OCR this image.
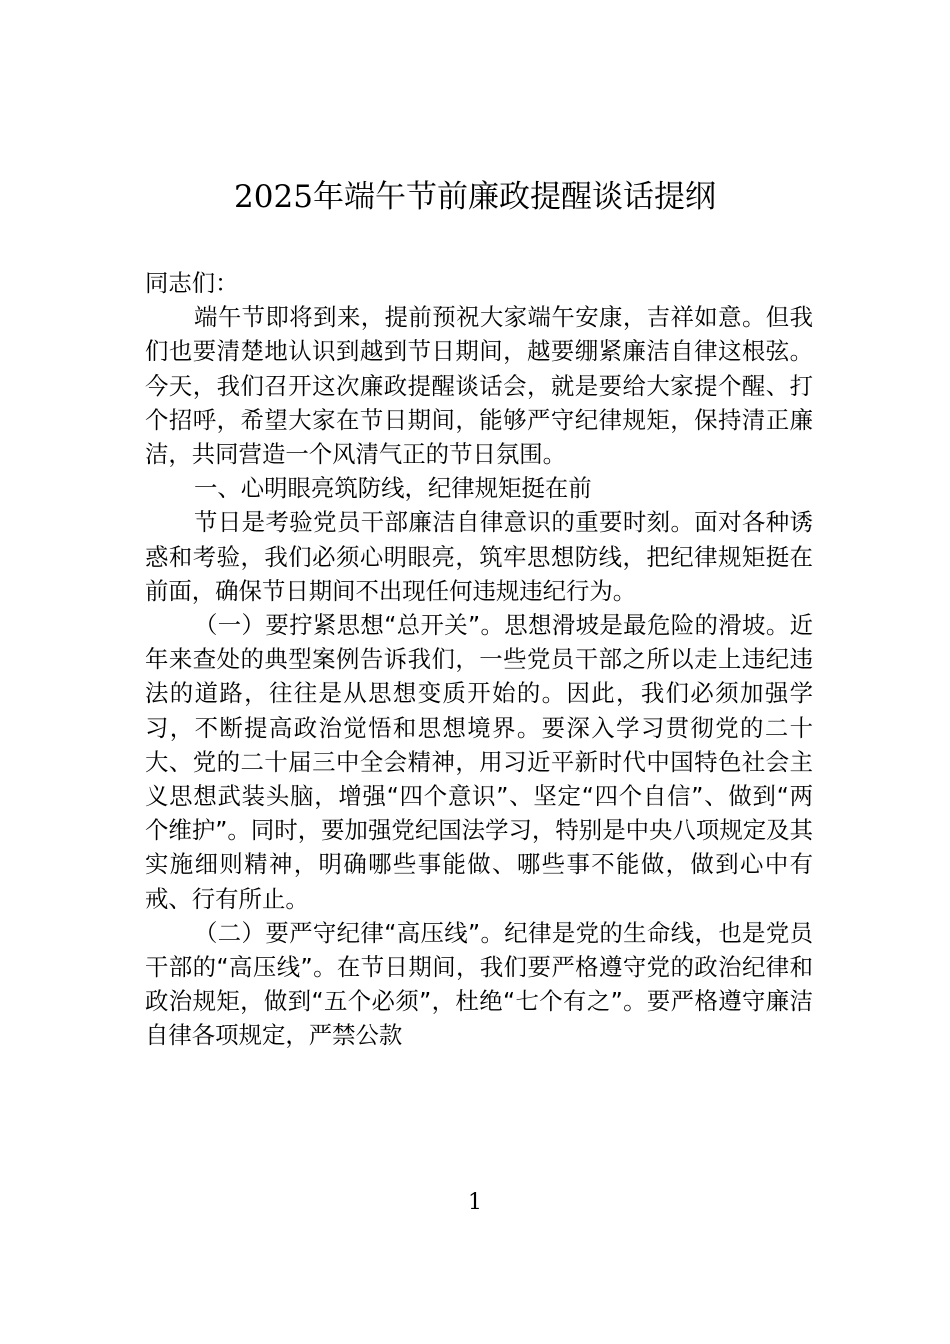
2025年端午节前廉政提醒谈话提纲

同志们：

端午节即将到来，提前预祝大家端午安康，吉祥如意。但我们也要清楚地认识到越到节日期间，越要绷紧廉洁自律这根弦。今天，我们召开这次廉政提醒谈话会，就是要给大家提个醒、打个招呼，希望大家在节日期间，能够严守纪律规矩，保持清正廉洁，共同营造一个风清气正的节日氛围。

一、心明眼亮筑防线，纪律规矩挺在前

节日是考验党员干部廉洁自律意识的重要时刻。面对各种诱惑和考验，我们必须心明眼亮，筑牢思想防线，把纪律规矩挺在前面，确保节日期间不出现任何违规违纪行为。

（一）要拧紧思想“总开关”。思想滑坡是最危险的滑坡。近年来查处的典型案例告诉我们，一些党员干部之所以走上违纪违法的道路，往往是从思想变质开始的。因此，我们必须加强学习，不断提高政治觉悟和思想境界。要深入学习贯彻党的二十大、党的二十届三中全会精神，用习近平新时代中国特色社会主义思想武装头脑，增强“四个意识”、坚定“四个自信”、做到“两个维护”。同时，要加强党纪国法学习，特别是中央八项规定及其实施细则精神，明确哪些事能做、哪些事不能做，做到心中有戒、行有所止。

（二）要严守纪律“高压线”。纪律是党的生命线，也是党员干部的“高压线”。在节日期间，我们要严格遵守党的政治纪律和政治规矩，做到“五个必须”，杜绝“七个有之”。要严格遵守廉洁自律各项规定，严禁公款

1
